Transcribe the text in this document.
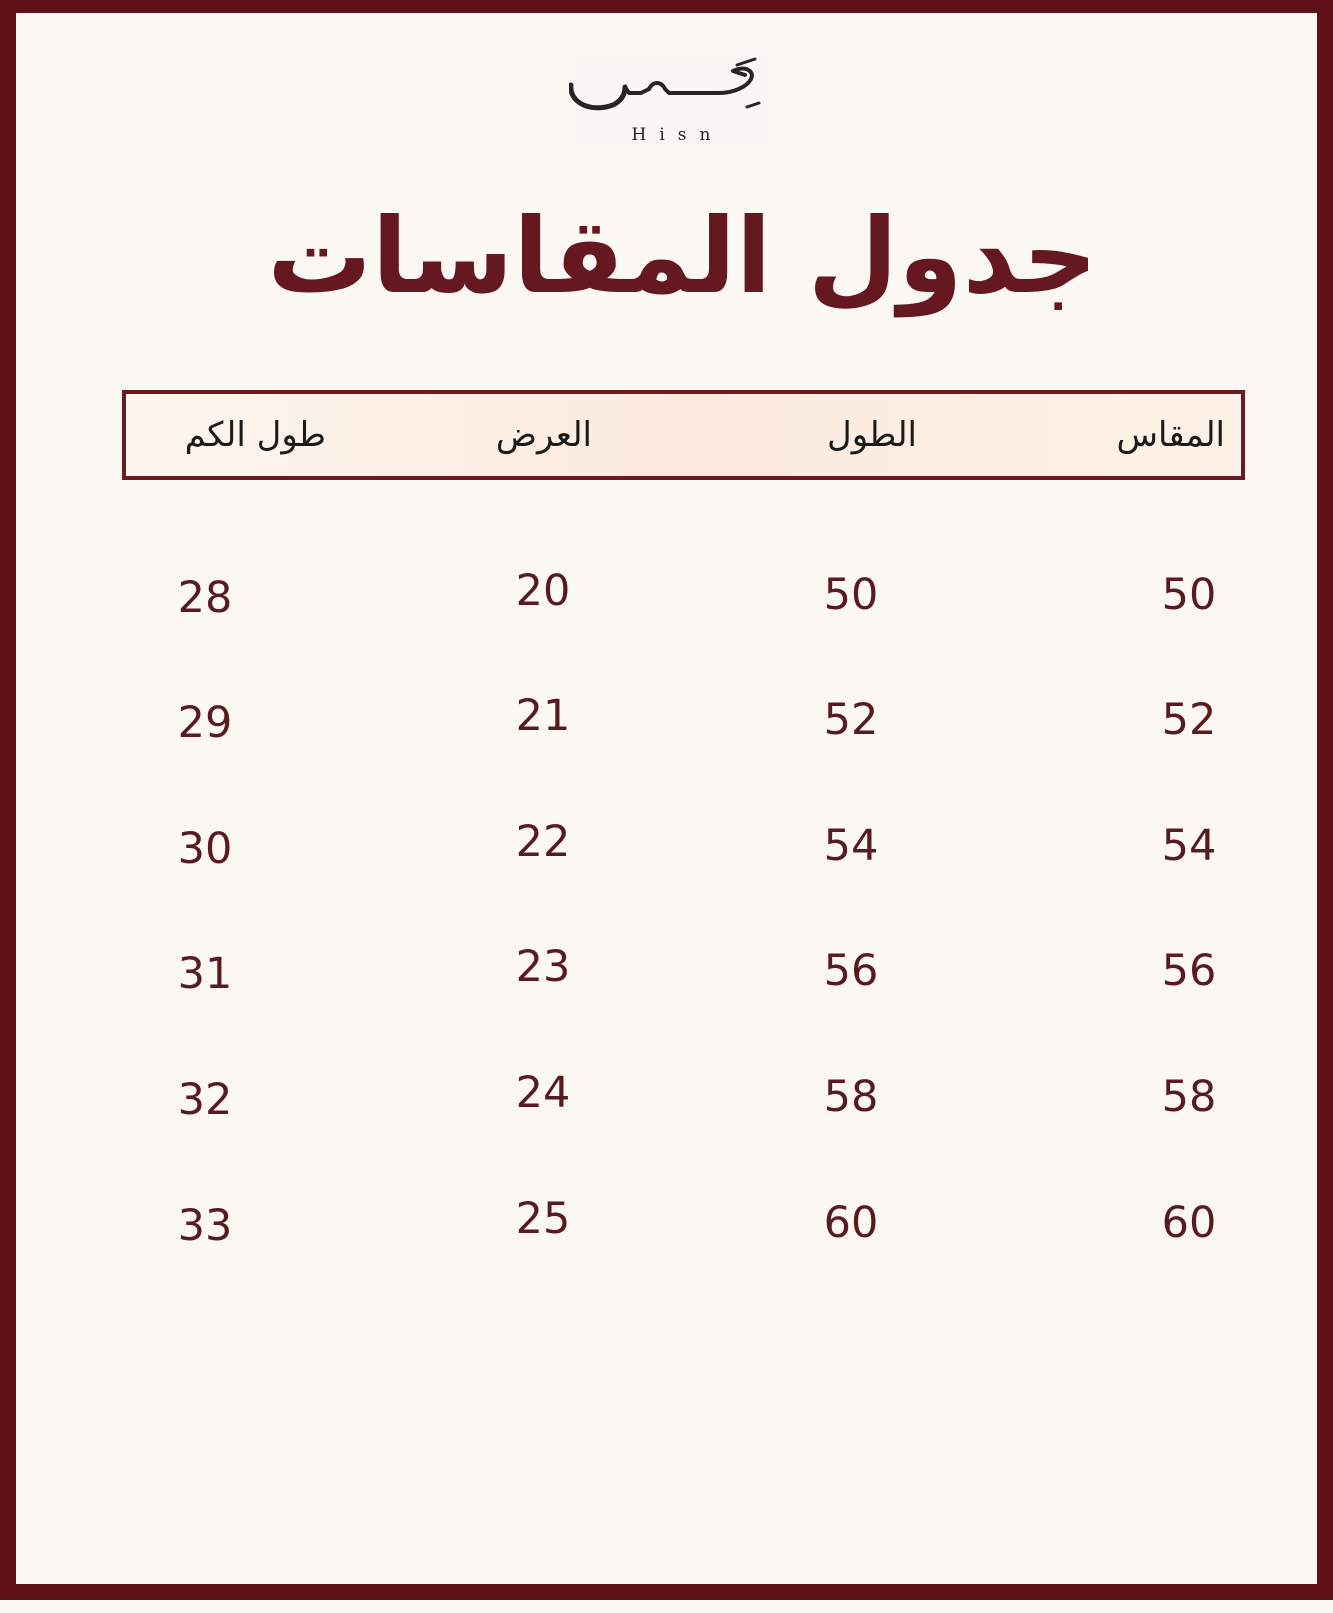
Hisn
جدول المقاسات
المقاس
الطول
العرض
طول الكم
50
50
20
28
52
52
21
29
54
54
22
30
56
56
23
31
58
58
24
32
60
60
25
33
